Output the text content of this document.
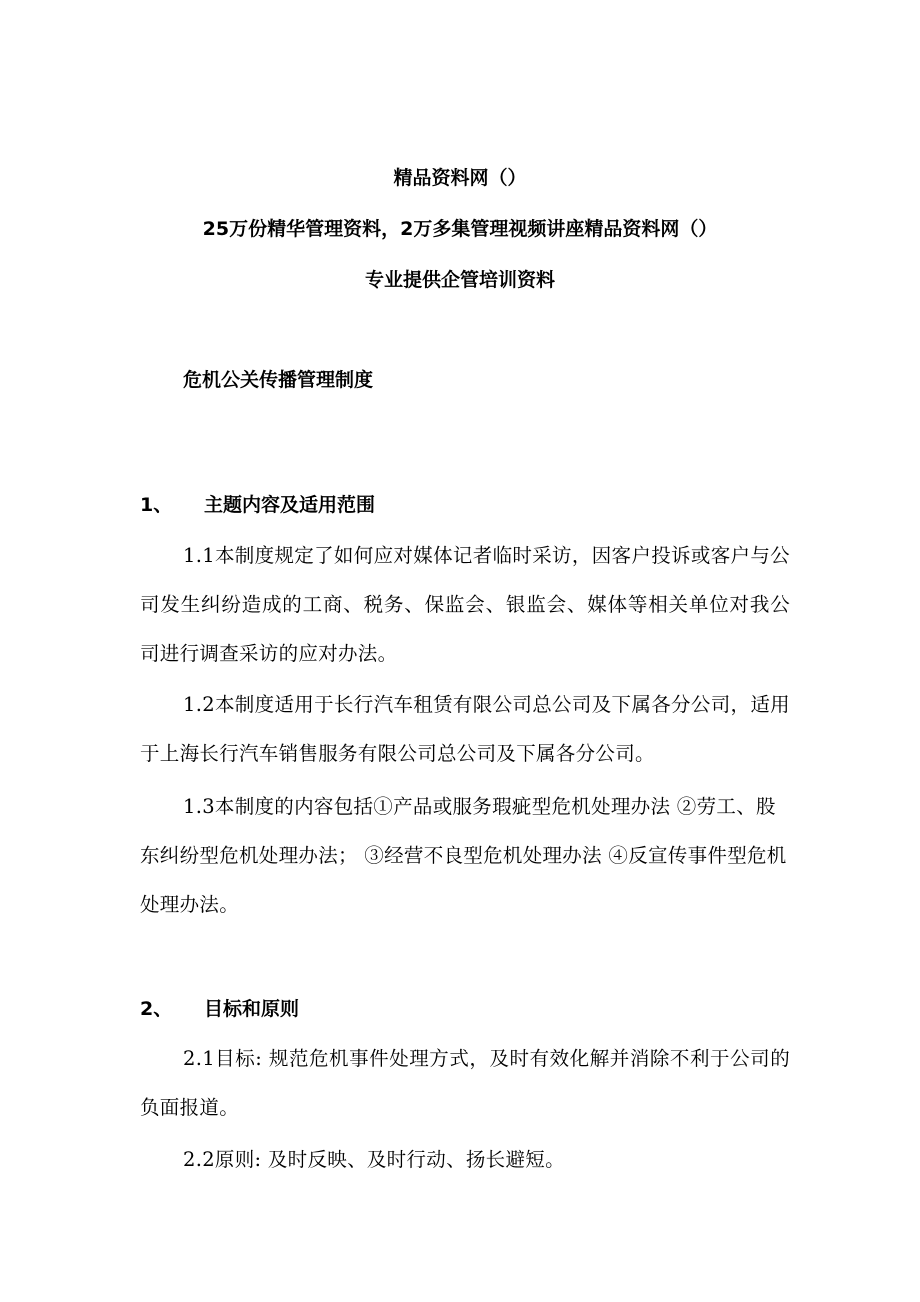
精品资料网（）

25万份精华管理资料，2万多集管理视频讲座精品资料网（）

专业提供企管培训资料

危机公关传播管理制度
1、 主题内容及适用范围

1.1本制度规定了如何应对媒体记者临时采访，因客户投诉或客户与公司发生纠纷造成的工商、税务、保监会、银监会、媒体等相关单位对我公司进行调查采访的应对办法。

1.2本制度适用于长行汽车租赁有限公司总公司及下属各分公司，适用于上海长行汽车销售服务有限公司总公司及下属各分公司。

1.3本制度的内容包括①产品或服务瑕疵型危机处理办法 ②劳工、股东纠纷型危机处理办法； ③经营不良型危机处理办法 ④反宣传事件型危机处理办法。

2、 目标和原则

2.1目标: 规范危机事件处理方式，及时有效化解并消除不利于公司的负面报道。

2.2原则: 及时反映、及时行动、扬长避短。
